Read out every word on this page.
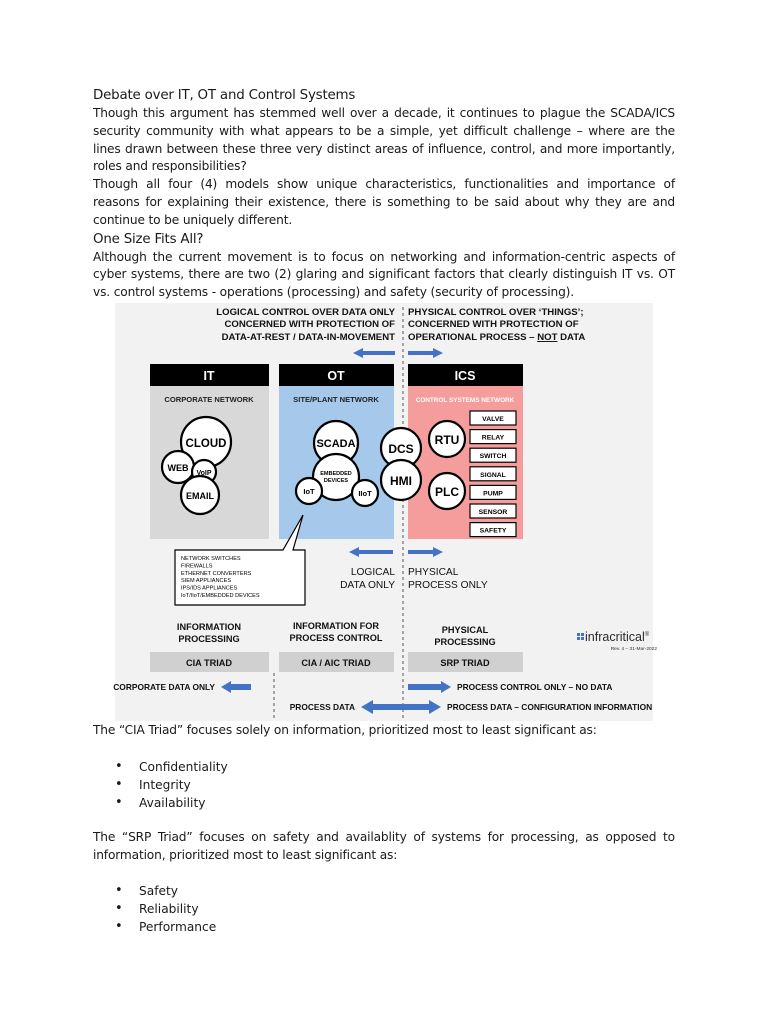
Debate over IT, OT and Control Systems

Though this argument has stemmed well over a decade, it continues to plague the SCADA/ICS security community with what appears to be a simple, yet difficult challenge – where are the lines drawn between these three very distinct areas of influence, control, and more importantly, roles and responsibilities?

Though all four (4) models show unique characteristics, functionalities and importance of reasons for explaining their existence, there is something to be said about why they are and continue to be uniquely different.

One Size Fits All?

Although the current movement is to focus on networking and information-centric aspects of cyber systems, there are two (2) glaring and significant factors that clearly distinguish IT vs. OT vs. control systems - operations (processing) and safety (security of processing).

LOGICAL CONTROL OVER DATA ONLY
CONCERNED WITH PROTECTION OF
DATA-AT-REST / DATA-IN-MOVEMENT
PHYSICAL CONTROL OVER ‘THINGS’;
CONCERNED WITH PROTECTION OF
OPERATIONAL PROCESS – NOT DATA
IT	OT	ICS
CORPORATE NETWORK	SITE/PLANT NETWORK	CONTROL SYSTEMS NETWORK
CLOUD
WEB
VoIP
EMAIL
SCADA
EMBEDDED
DEVICES
IoT	IIoT
DCS
HMI
RTU
PLC
VALVE
RELAY
SWITCH
SIGNAL
PUMP
SENSOR
SAFETY
NETWORK SWITCHES
FIREWALLS
ETHERNET CONVERTERS
SIEM APPLIANCES
IPS/IDS APPLIANCES
IoT/IIoT/EMBEDDED DEVICES
LOGICAL
DATA ONLY
PHYSICAL
PROCESS ONLY
INFORMATION
PROCESSING
INFORMATION FOR
PROCESS CONTROL
PHYSICAL
PROCESSING
CIA TRIAD	CIA / AIC TRIAD	SRP TRIAD
infracritical®
Rev. 4 – 31-Mar-2022
CORPORATE DATA ONLY	PROCESS CONTROL ONLY – NO DATA
PROCESS DATA	PROCESS DATA – CONFIGURATION INFORMATION

The “CIA Triad” focuses solely on information, prioritized most to least significant as:

• Confidentiality
• Integrity
• Availability

The “SRP Triad” focuses on safety and availablity of systems for processing, as opposed to information, prioritized most to least significant as:

• Safety
• Reliability
• Performance
